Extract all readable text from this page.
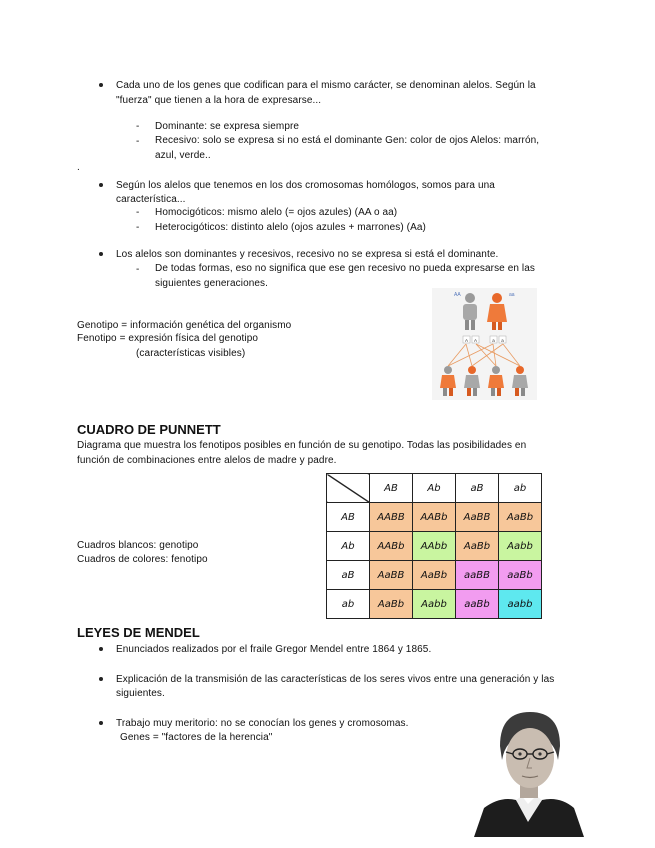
Cada uno de los genes que codifican para el mismo carácter, se denominan alelos. Según la
"fuerza" que tienen a la hora de expresarse...
- Dominante: se expresa siempre
- Recesivo: solo se expresa si no está el dominante Gen: color de ojos Alelos: marrón,
azul, verde..
.
Según los alelos que tenemos en los dos cromosomas homólogos, somos para una
característica...
- Homocigóticos: mismo alelo (= ojos azules) (AA o aa)
- Heterocigóticos: distinto alelo (ojos azules + marrones) (Aa)
Los alelos son dominantes y recesivos, recesivo no se expresa si está el dominante.
- De todas formas, eso no significa que ese gen recesivo no pueda expresarse en las
siguientes generaciones.
Genotipo = información genética del organismo
Fenotipo = expresión física del genotipo
(características visibles)
AA	aa
A A	a a
CUADRO DE PUNNETT
Diagrama que muestra los fenotipos posibles en función de su genotipo. Todas las posibilidades en
función de combinaciones entre alelos de madre y padre.
Cuadros blancos: genotipo
Cuadros de colores: fenotipo
	AB	Ab	aB	ab
AB	AABB	AABb	AaBB	AaBb
Ab	AABb	AAbb	AaBb	Aabb
aB	AaBB	AaBb	aaBB	aaBb
ab	AaBb	Aabb	aaBb	aabb
LEYES DE MENDEL
Enunciados realizados por el fraile Gregor Mendel entre 1864 y 1865.
Explicación de la transmisión de las características de los seres vivos entre una generación y las
siguientes.
Trabajo muy meritorio: no se conocían los genes y cromosomas.
Genes = "factores de la herencia"
